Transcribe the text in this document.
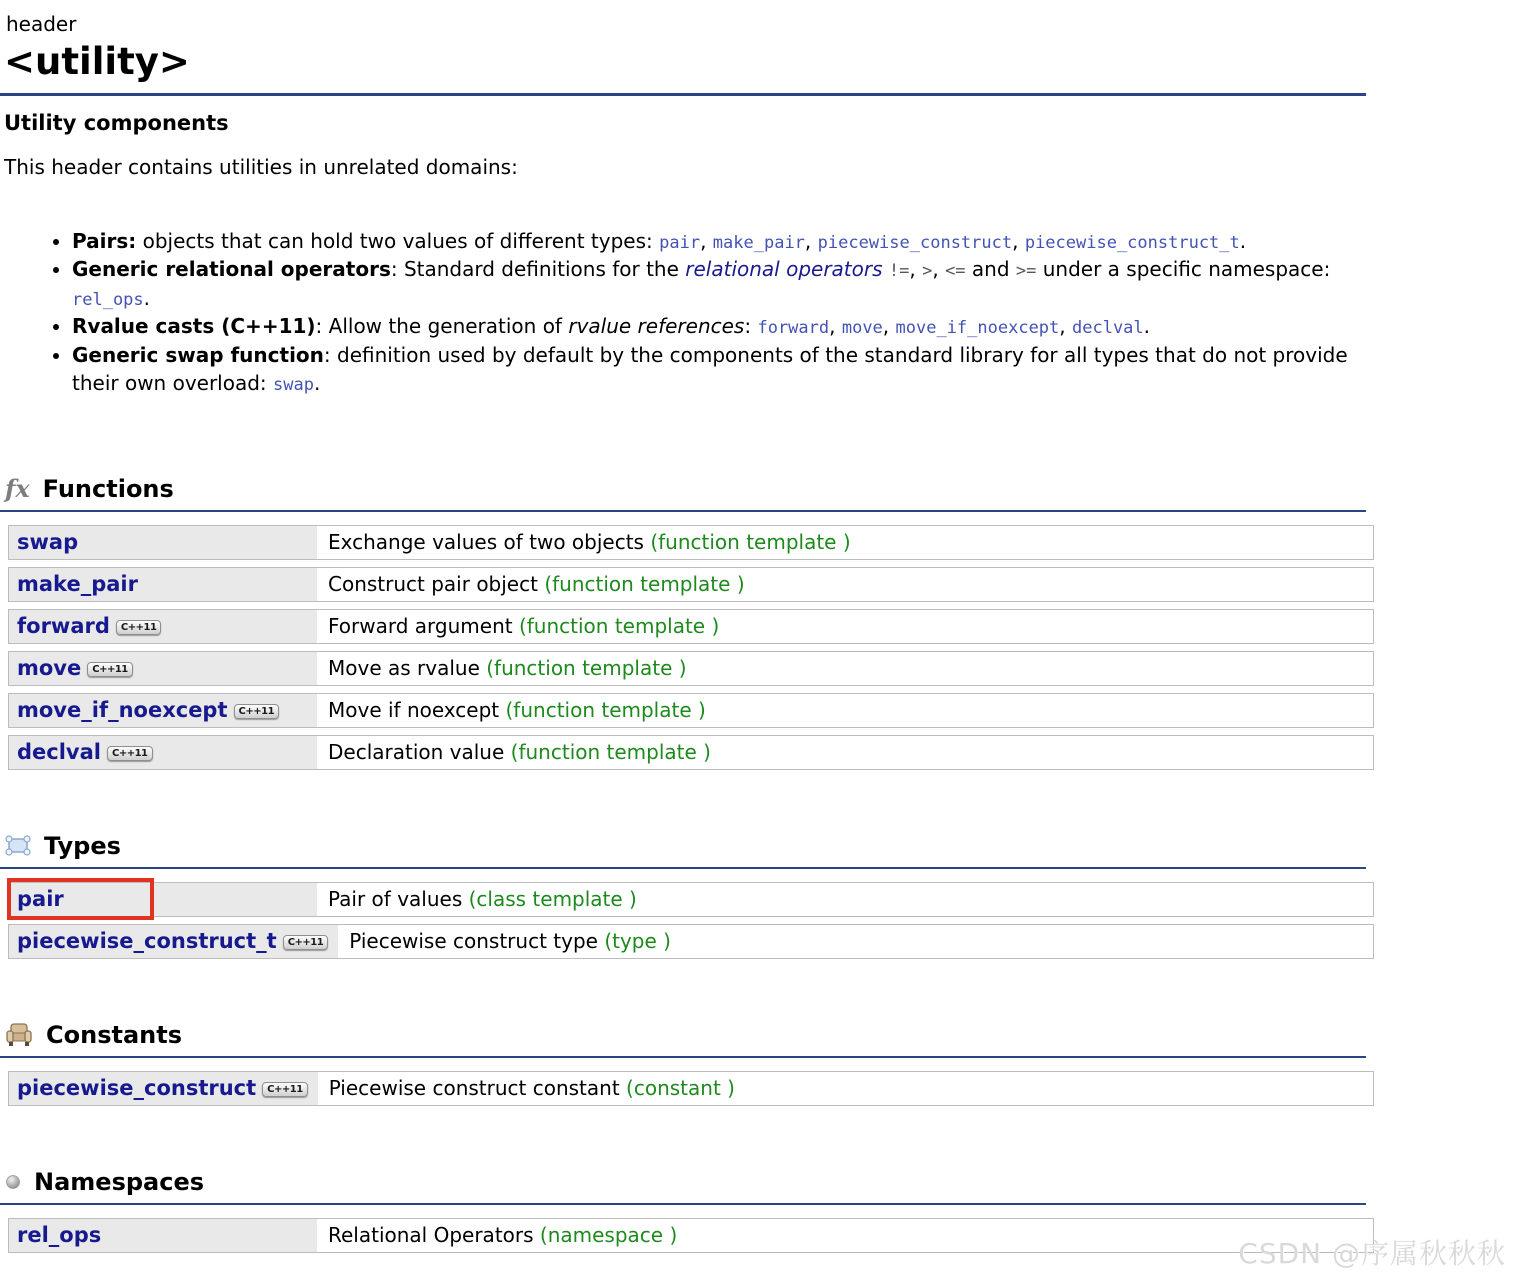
header
<utility>
Utility components
This header contains utilities in unrelated domains:
• Pairs: objects that can hold two values of different types: pair, make_pair, piecewise_construct, piecewise_construct_t.
• Generic relational operators: Standard definitions for the relational operators !=, >, <= and >= under a specific namespace: rel_ops.
• Rvalue casts (C++11): Allow the generation of rvalue references: forward, move, move_if_noexcept, declval.
• Generic swap function: definition used by default by the components of the standard library for all types that do not provide their own overload: swap.
fx Functions
swap	Exchange values of two objects (function template )
make_pair	Construct pair object (function template )
forward C++11	Forward argument (function template )
move C++11	Move as rvalue (function template )
move_if_noexcept C++11	Move if noexcept (function template )
declval C++11	Declaration value (function template )
Types
pair	Pair of values (class template )
piecewise_construct_t C++11	Piecewise construct type (type )
Constants
piecewise_construct C++11	Piecewise construct constant (constant )
Namespaces
rel_ops	Relational Operators (namespace )
CSDN @序属秋秋秋
